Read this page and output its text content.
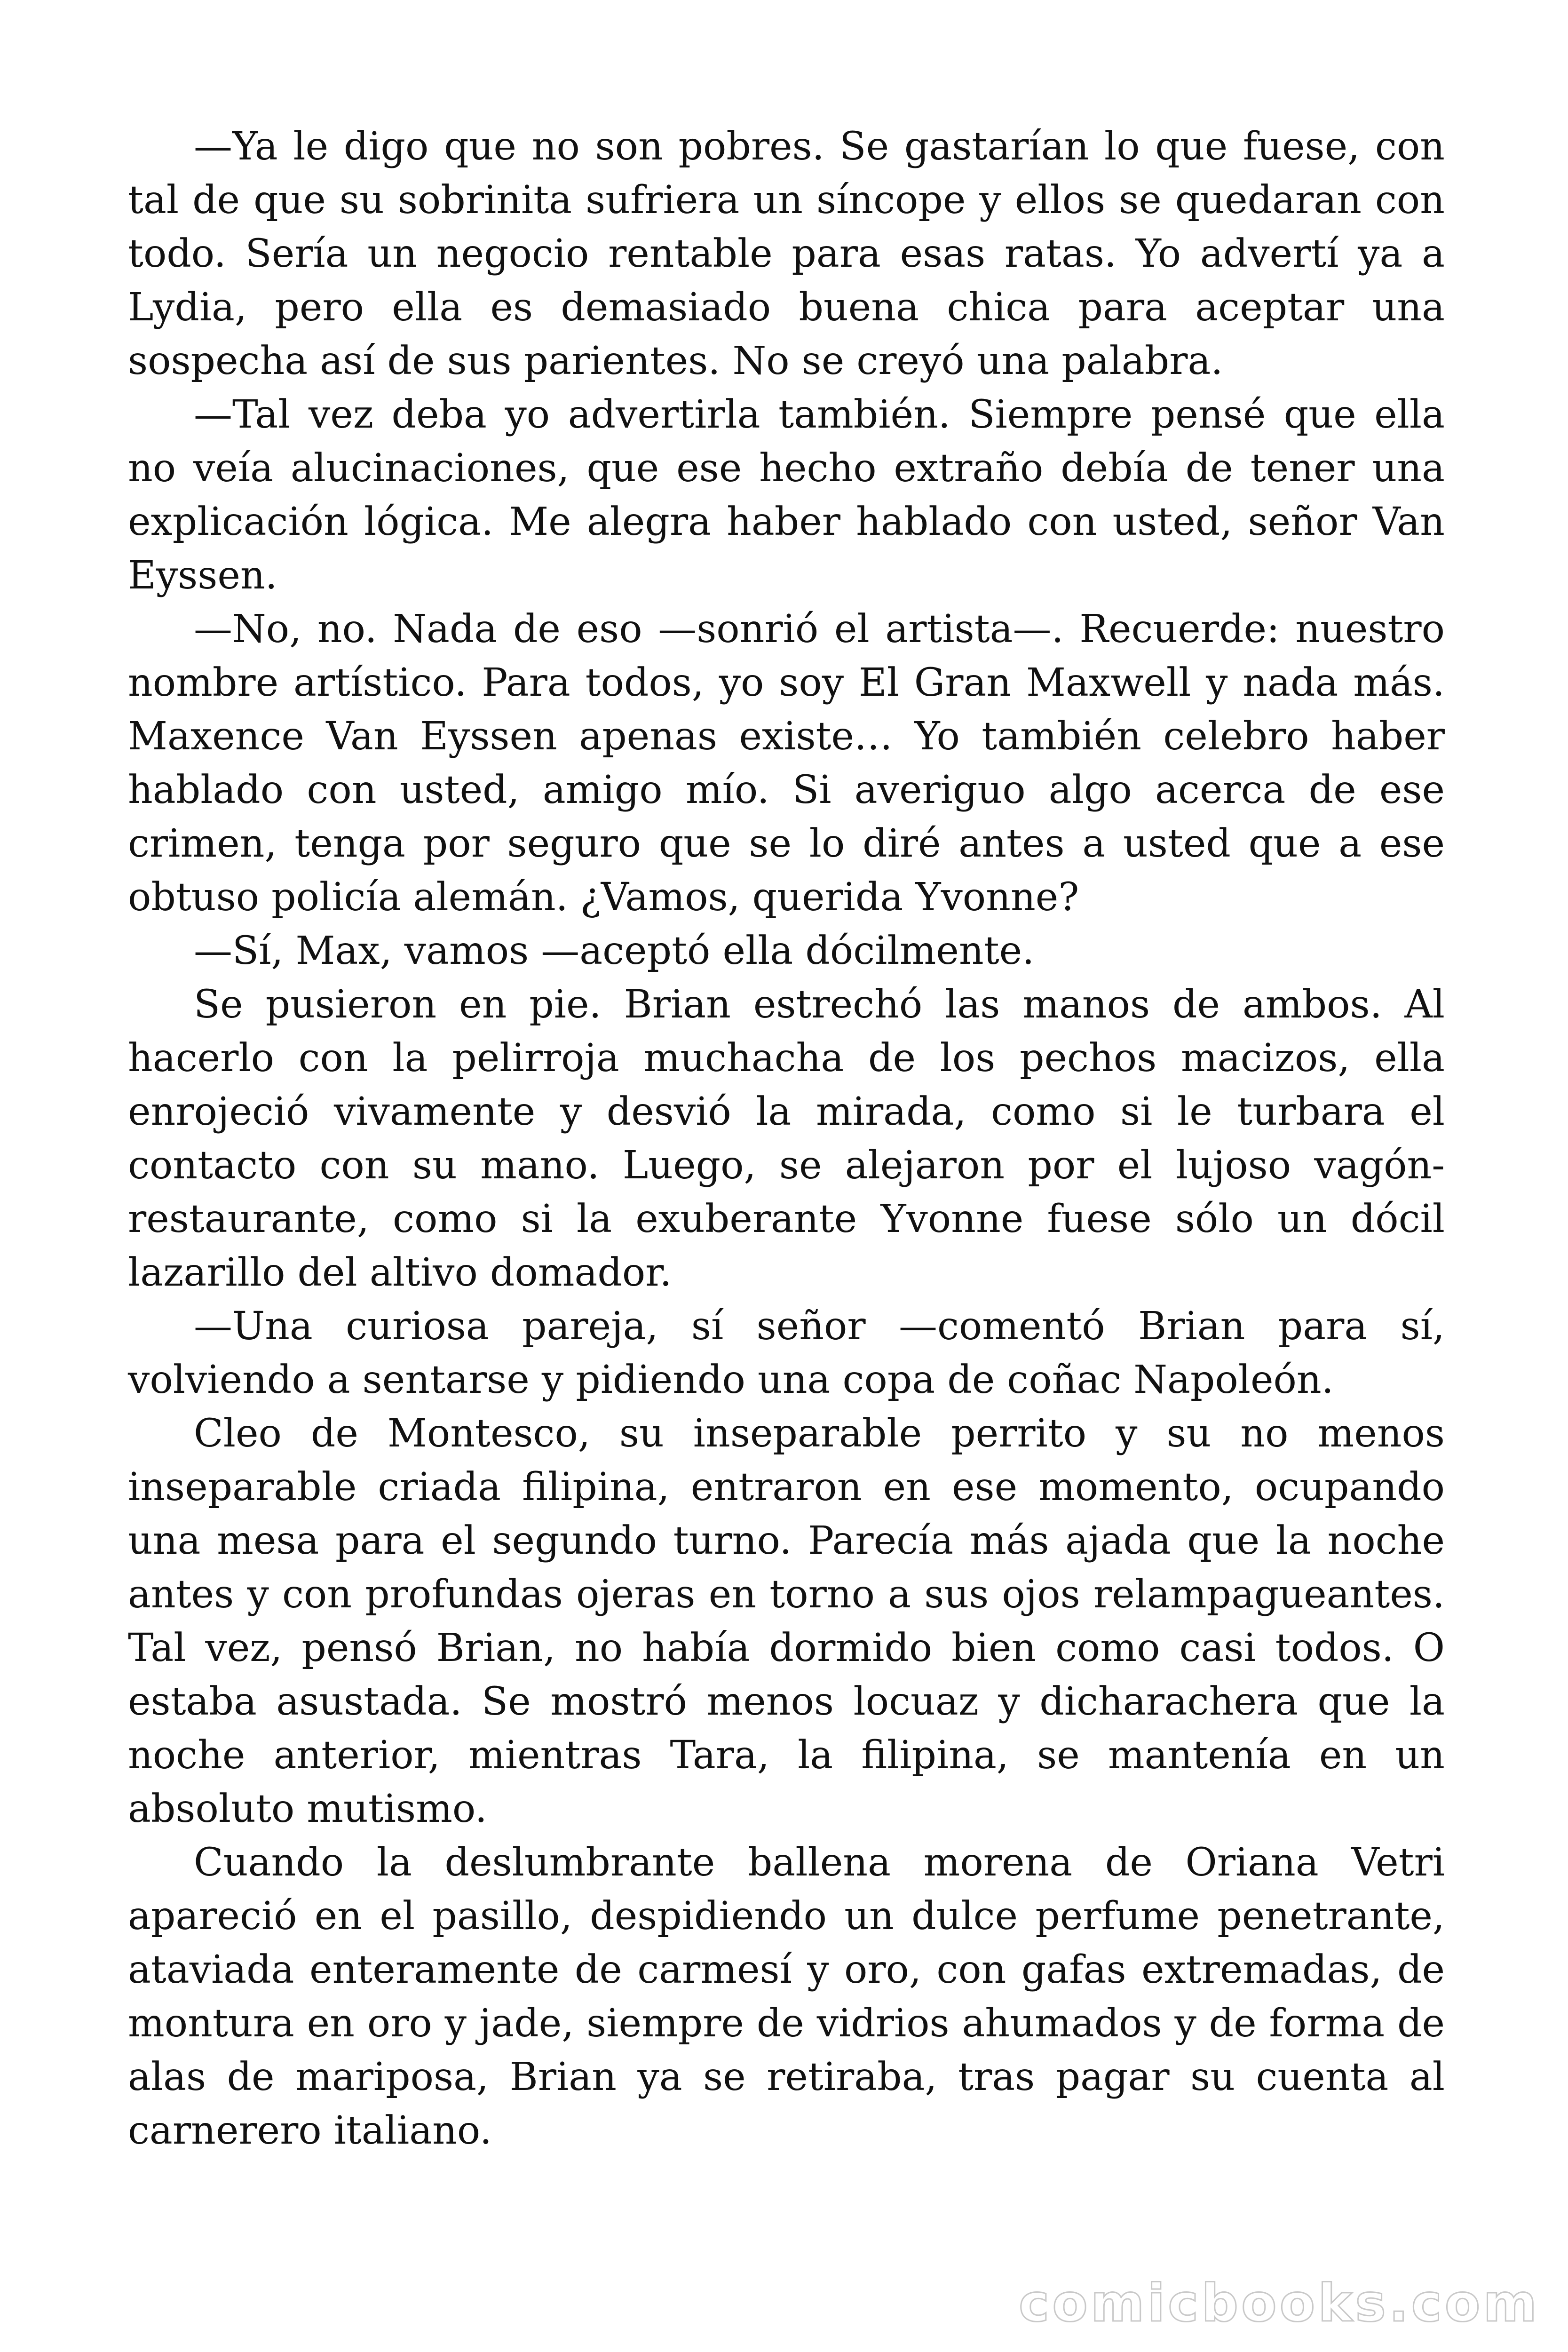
—Ya le digo que no son pobres. Se gastarían lo que fuese, con tal de que su sobrinita sufriera un síncope y ellos se quedaran con todo. Sería un negocio rentable para esas ratas. Yo advertí ya a Lydia, pero ella es demasiado buena chica para aceptar una sospecha así de sus parientes. No se creyó una palabra.

—Tal vez deba yo advertirla también. Siempre pensé que ella no veía alucinaciones, que ese hecho extraño debía de tener una explicación lógica. Me alegra haber hablado con usted, señor Van Eyssen.

—No, no. Nada de eso —sonrió el artista—. Recuerde: nuestro nombre artístico. Para todos, yo soy El Gran Maxwell y nada más. Maxence Van Eyssen apenas existe… Yo también celebro haber hablado con usted, amigo mío. Si averiguo algo acerca de ese crimen, tenga por seguro que se lo diré antes a usted que a ese obtuso policía alemán. ¿Vamos, querida Yvonne?

—Sí, Max, vamos —aceptó ella dócilmente.

Se pusieron en pie. Brian estrechó las manos de ambos. Al hacerlo con la pelirroja muchacha de los pechos macizos, ella enrojeció vivamente y desvió la mirada, como si le turbara el contacto con su mano. Luego, se alejaron por el lujoso vagón-restaurante, como si la exuberante Yvonne fuese sólo un dócil lazarillo del altivo domador.

—Una curiosa pareja, sí señor —comentó Brian para sí, volviendo a sentarse y pidiendo una copa de coñac Napoleón.

Cleo de Montesco, su inseparable perrito y su no menos inseparable criada filipina, entraron en ese momento, ocupando una mesa para el segundo turno. Parecía más ajada que la noche antes y con profundas ojeras en torno a sus ojos relampagueantes. Tal vez, pensó Brian, no había dormido bien como casi todos. O estaba asustada. Se mostró menos locuaz y dicharachera que la noche anterior, mientras Tara, la filipina, se mantenía en un absoluto mutismo.

Cuando la deslumbrante ballena morena de Oriana Vetri apareció en el pasillo, despidiendo un dulce perfume penetrante, ataviada enteramente de carmesí y oro, con gafas extremadas, de montura en oro y jade, siempre de vidrios ahumados y de forma de alas de mariposa, Brian ya se retiraba, tras pagar su cuenta al carnerero italiano.

comicbooks.com
